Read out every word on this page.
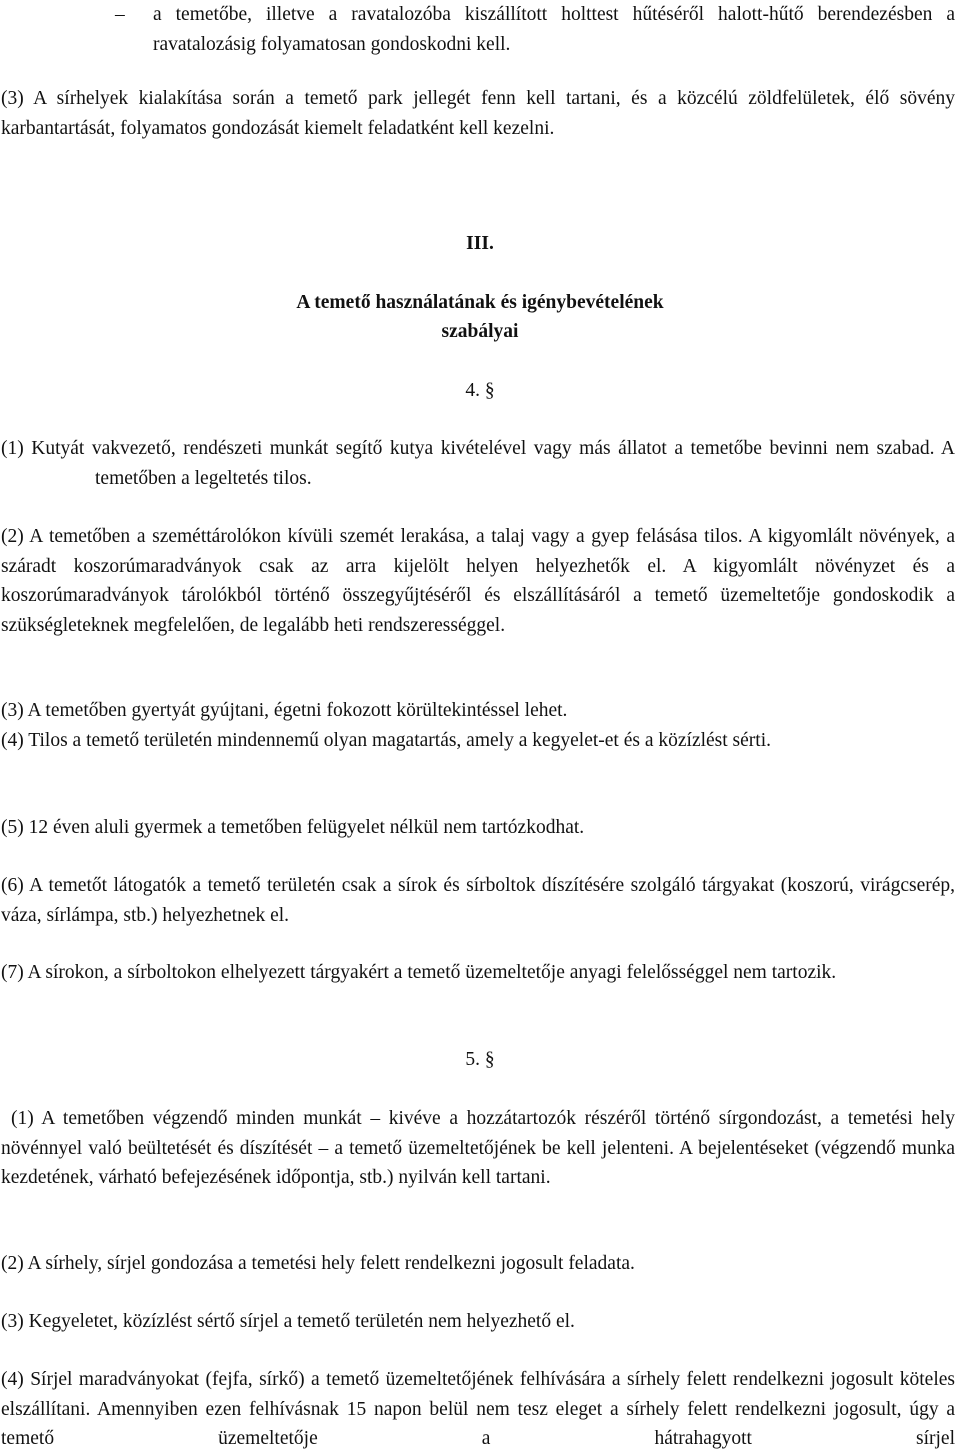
–	a temetőbe, illetve a ravatalozóba kiszállított holttest hűtéséről halott-hűtő berendezésben a ravatalozásig folyamatosan gondoskodni kell.

(3) A sírhelyek kialakítása során a temető park jellegét fenn kell tartani, és a közcélú zöldfelületek, élő sövény karbantartását, folyamatos gondozását kiemelt feladatként kell kezelni.

III.

A temető használatának és igénybevételének

szabályai

4. §

(1) Kutyát vakvezető, rendészeti munkát segítő kutya kivételével vagy más állatot a temetőbe bevinni nem szabad. A temetőben a legeltetés tilos.

(2) A temetőben a szeméttárolókon kívüli szemét lerakása, a talaj vagy a gyep felásása tilos. A kigyomlált növények, a száradt koszorúmaradványok csak az arra kijelölt helyen helyezhetők el. A kigyomlált növényzet és a koszorúmaradványok tárolókból történő összegyűjtéséről és elszállításáról a temető üzemeltetője gondoskodik a szükségleteknek megfelelően, de legalább heti rendszerességgel.

(3) A temetőben gyertyát gyújtani, égetni fokozott körültekintéssel lehet.

(4) Tilos a temető területén mindennemű olyan magatartás, amely a kegyelet-et és a közízlést sérti.

(5) 12 éven aluli gyermek a temetőben felügyelet nélkül nem tartózkodhat.

(6) A temetőt látogatók a temető területén csak a sírok és sírboltok díszítésére szolgáló tárgyakat (koszorú, virágcserép, váza, sírlámpa, stb.) helyezhetnek el.

(7) A sírokon, a sírboltokon elhelyezett tárgyakért a temető üzemeltetője anyagi felelősséggel nem tartozik.

5. §

(1) A temetőben végzendő minden munkát – kivéve a hozzátartozók részéről történő sírgondozást, a temetési hely növénnyel való beültetését és díszítését – a temető üzemeltetőjének be kell jelenteni. A bejelentéseket (végzendő munka kezdetének, várható befejezésének időpontja, stb.) nyilván kell tartani.

(2) A sírhely, sírjel gondozása a temetési hely felett rendelkezni jogosult feladata.

(3) Kegyeletet, közízlést sértő sírjel a temető területén nem helyezhető el.

(4) Sírjel maradványokat (fejfa, sírkő) a temető üzemeltetőjének felhívására a sírhely felett rendelkezni jogosult köteles elszállítani. Amennyiben ezen felhívásnak 15 napon belül nem tesz eleget a sírhely felett rendelkezni jogosult, úgy a temető üzemeltetője a hátrahagyott sírjel
